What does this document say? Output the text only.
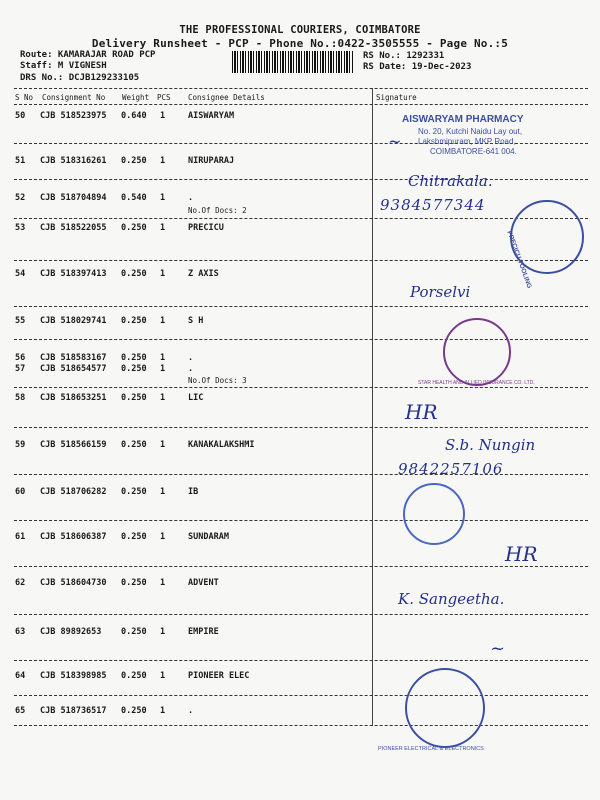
THE PROFESSIONAL COURIERS, COIMBATORE
Delivery Runsheet - PCP - Phone No.:0422-3505555 - Page No.:5
Route: KAMARAJAR ROAD PCP
Staff: M VIGNESH
DRS No.: DCJB129233105
RS No.: 1292331
RS Date: 19-Dec-2023
S No Consignment No Weight PCS Consignee Details	Signature
50 CJB 518523975 0.640 1	AISWARYAM
51 CJB 518316261 0.250 1	NIRUPARAJ
52 CJB 518704894 0.540 1	.
No.Of Docs: 2
53 CJB 518522055 0.250 1	PRECICU
54 CJB 518397413 0.250 1	Z AXIS
55 CJB 518029741 0.250 1	S H
56 CJB 518583167 0.250 1	.
57 CJB 518654577 0.250 1	.
No.Of Docs: 3
58 CJB 518653251 0.250 1	LIC
59 CJB 518566159 0.250 1	KANAKALAKSHMI
60 CJB 518706282 0.250 1	IB
61 CJB 518606387 0.250 1	SUNDARAM
62 CJB 518604730 0.250 1	ADVENT
63 CJB 89892653 0.250 1	EMPIRE
64 CJB 518398985 0.250 1	PIONEER ELEC
65 CJB 518736517 0.250 1	.
AISWARYAM PHARMACY
No. 20, Kutchi Naidu Lay out,
Lakshmipuram, MKP Road,
COIMBATORE-641 004.
~
Chitrakala.
9384577344
PRECICU TOOLING
Porselvi
STAR HEALTH AND ALLIED INSURANCE CO. LTD.
HR
S.b. Nungin
9842257106
HR
K. Sangeetha.
PIONEER ELECTRICAL & ELECTRONICS
~
